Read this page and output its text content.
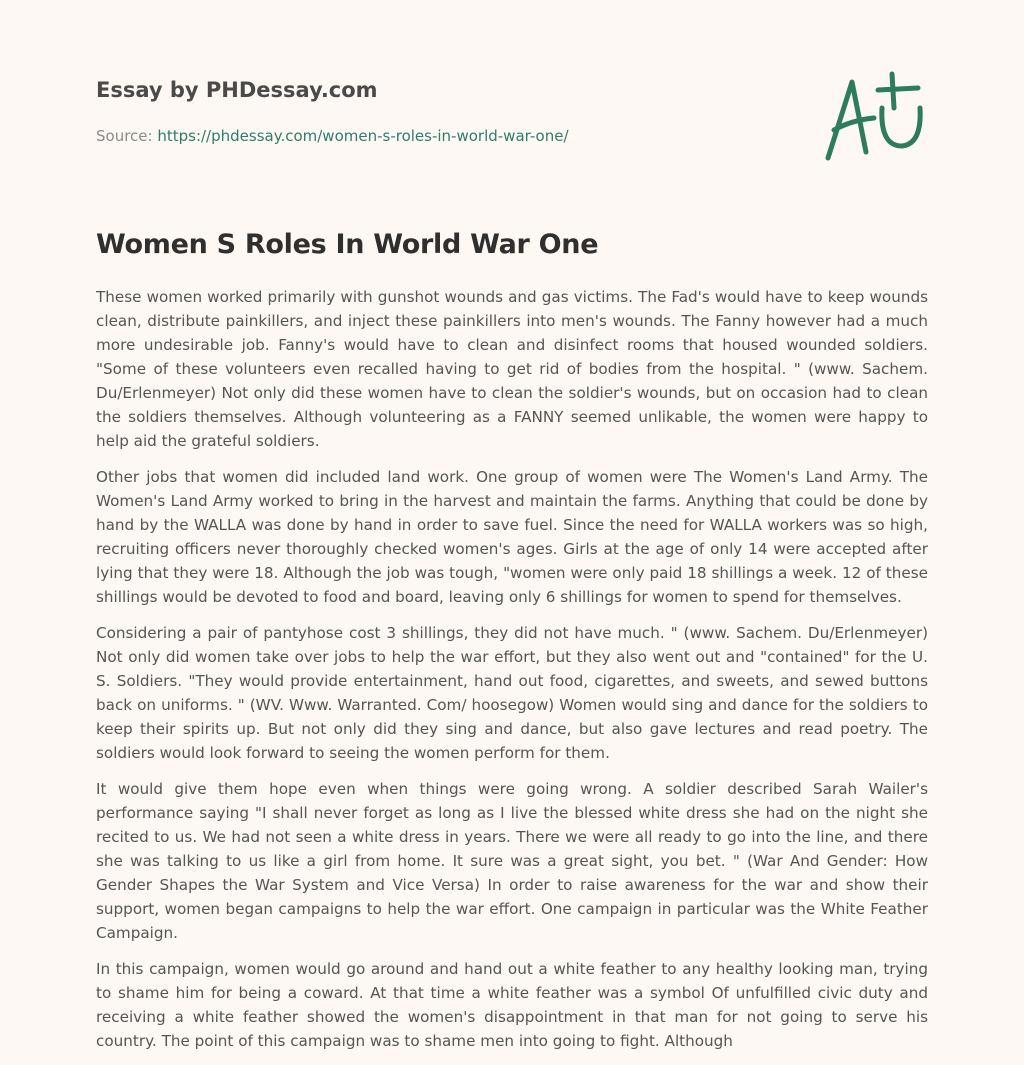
Essay by PHDessay.com

Source: https://phdessay.com/women-s-roles-in-world-war-one/
Women S Roles In World War One

These women worked primarily with gunshot wounds and gas victims. The Fad's would have to keep wounds clean, distribute painkillers, and inject these painkillers into men's wounds. The Fanny however had a much more undesirable job. Fanny's would have to clean and disinfect rooms that housed wounded soldiers. "Some of these volunteers even recalled having to get rid of bodies from the hospital. " (www. Sachem. Du/Erlenmeyer) Not only did these women have to clean the soldier's wounds, but on occasion had to clean the soldiers themselves. Although volunteering as a FANNY seemed unlikable, the women were happy to help aid the grateful soldiers.

Other jobs that women did included land work. One group of women were The Women's Land Army. The Women's Land Army worked to bring in the harvest and maintain the farms. Anything that could be done by hand by the WALLA was done by hand in order to save fuel. Since the need for WALLA workers was so high, recruiting officers never thoroughly checked women's ages. Girls at the age of only 14 were accepted after lying that they were 18. Although the job was tough, "women were only paid 18 shillings a week. 12 of these shillings would be devoted to food and board, leaving only 6 shillings for women to spend for themselves.

Considering a pair of pantyhose cost 3 shillings, they did not have much. " (www. Sachem. Du/Erlenmeyer) Not only did women take over jobs to help the war effort, but they also went out and "contained" for the U. S. Soldiers. "They would provide entertainment, hand out food, cigarettes, and sweets, and sewed buttons back on uniforms. " (WV. Www. Warranted. Com/ hoosegow) Women would sing and dance for the soldiers to keep their spirits up. But not only did they sing and dance, but also gave lectures and read poetry. The soldiers would look forward to seeing the women perform for them.

It would give them hope even when things were going wrong. A soldier described Sarah Wailer's performance saying "I shall never forget as long as I live the blessed white dress she had on the night she recited to us. We had not seen a white dress in years. There we were all ready to go into the line, and there she was talking to us like a girl from home. It sure was a great sight, you bet. " (War And Gender: How Gender Shapes the War System and Vice Versa) In order to raise awareness for the war and show their support, women began campaigns to help the war effort. One campaign in particular was the White Feather Campaign.

In this campaign, women would go around and hand out a white feather to any healthy looking man, trying to shame him for being a coward. At that time a white feather was a symbol Of unfulfilled civic duty and receiving a white feather showed the women's disappointment in that man for not going to serve his country. The point of this campaign was to shame men into going to fight. Although
